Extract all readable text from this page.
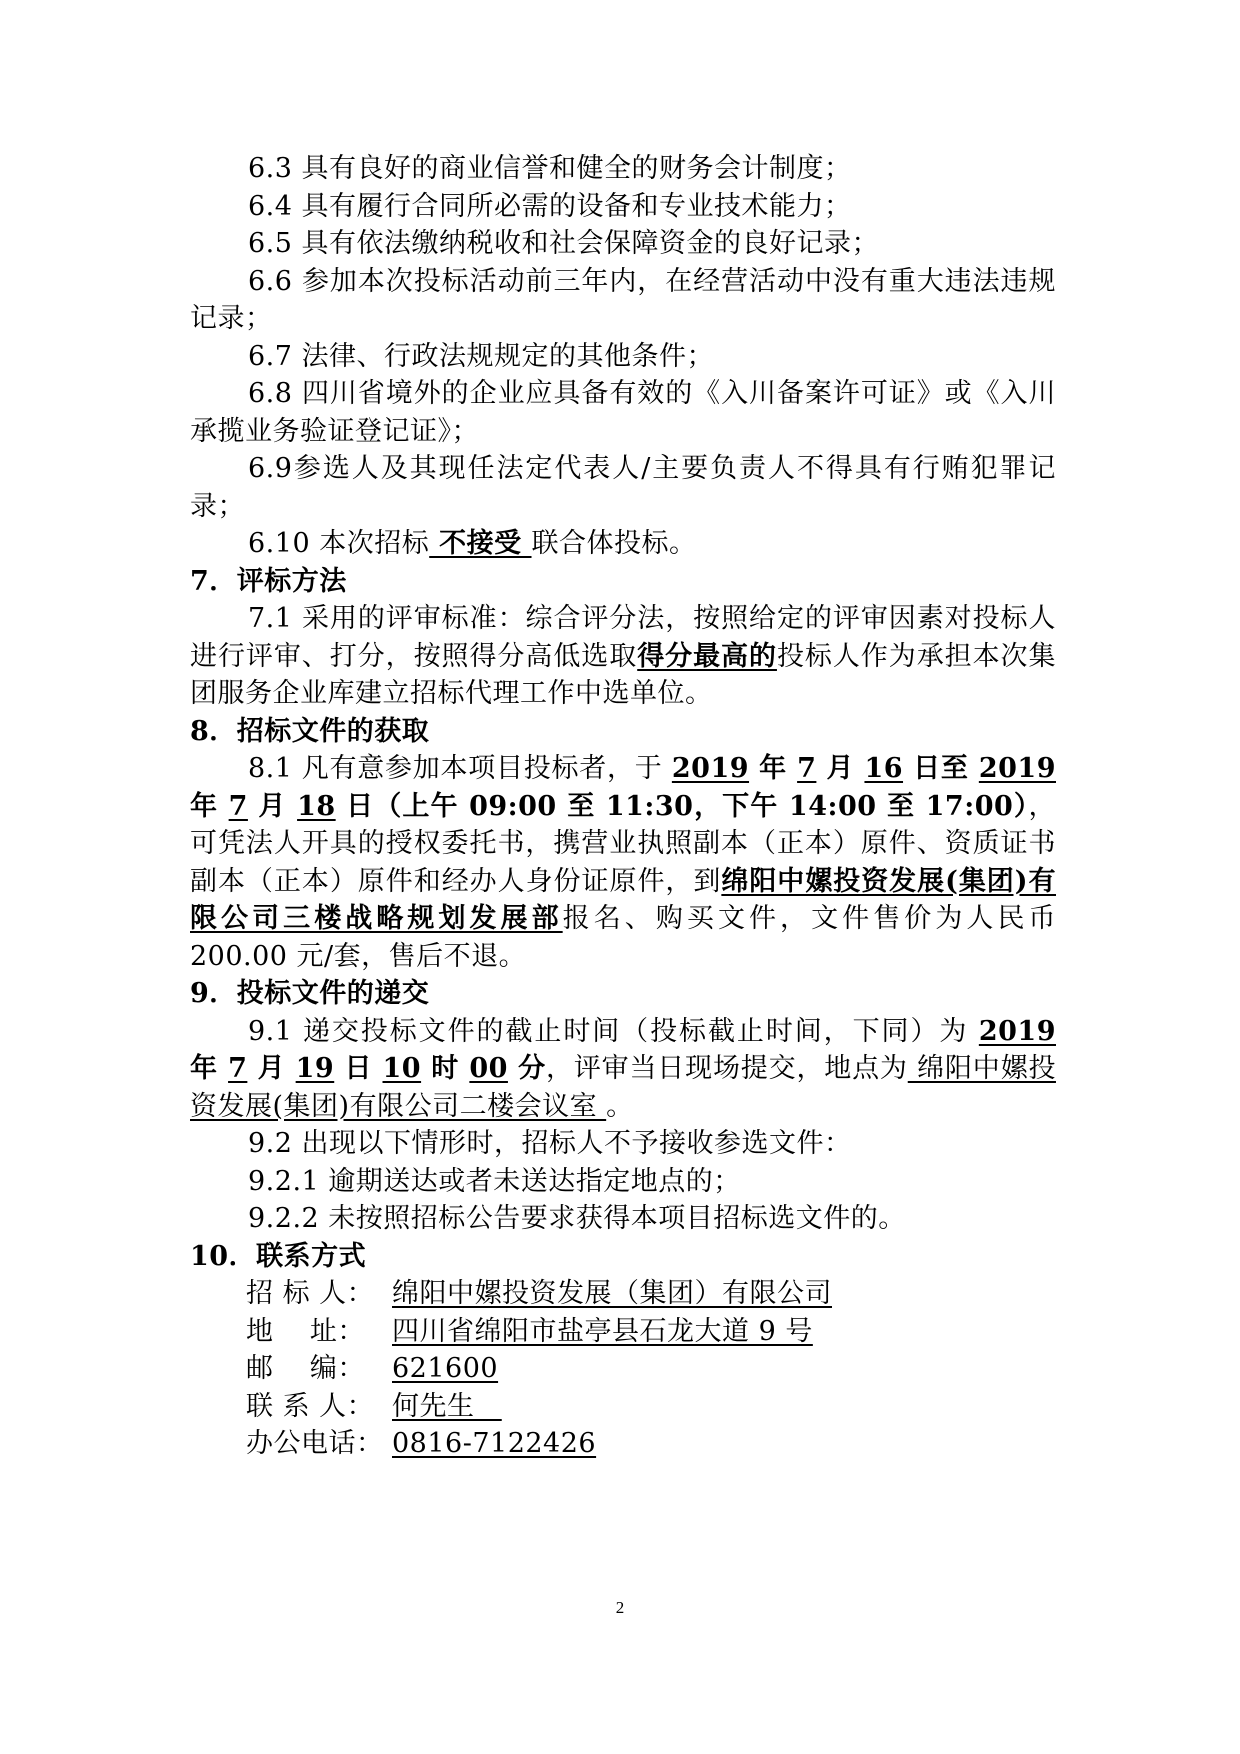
6.3 具有良好的商业信誉和健全的财务会计制度；

6.4 具有履行合同所必需的设备和专业技术能力；

6.5 具有依法缴纳税收和社会保障资金的良好记录；

6.6 参加本次投标活动前三年内，在经营活动中没有重大违法违规记录；

6.7 法律、行政法规规定的其他条件；

6.8 四川省境外的企业应具备有效的《入川备案许可证》或《入川承揽业务验证登记证》；

6.9参选人及其现任法定代表人/主要负责人不得具有行贿犯罪记录；

6.10 本次招标 不接受 联合体投标。

7．评标方法

7.1 采用的评审标准：综合评分法，按照给定的评审因素对投标人进行评审、打分，按照得分高低选取得分最高的投标人作为承担本次集团服务企业库建立招标代理工作中选单位。

8．招标文件的获取

8.1 凡有意参加本项目投标者，于 2019 年 7 月 16 日至 2019 年 7 月 18 日（上午 09:00 至 11:30，下午 14:00 至 17:00），可凭法人开具的授权委托书，携营业执照副本（正本）原件、资质证书副本（正本）原件和经办人身份证原件，到绵阳中嫘投资发展(集团)有限公司三楼战略规划发展部报名、购买文件，文件售价为人民币 200.00 元/套，售后不退。

9．投标文件的递交

9.1 递交投标文件的截止时间（投标截止时间，下同）为 2019 年 7 月 19 日 10 时 00 分，评审当日现场提交，地点为 绵阳中嫘投资发展(集团)有限公司二楼会议室 。

9.2 出现以下情形时，招标人不予接收参选文件：

9.2.1 逾期送达或者未送达指定地点的；

9.2.2 未按照招标公告要求获得本项目招标选文件的。

10．联系方式

招 标 人： 绵阳中嫘投资发展（集团）有限公司

地    址： 四川省绵阳市盐亭县石龙大道 9 号

邮    编： 621600

联 系 人： 何先生

办公电话： 0816-7122426

2
